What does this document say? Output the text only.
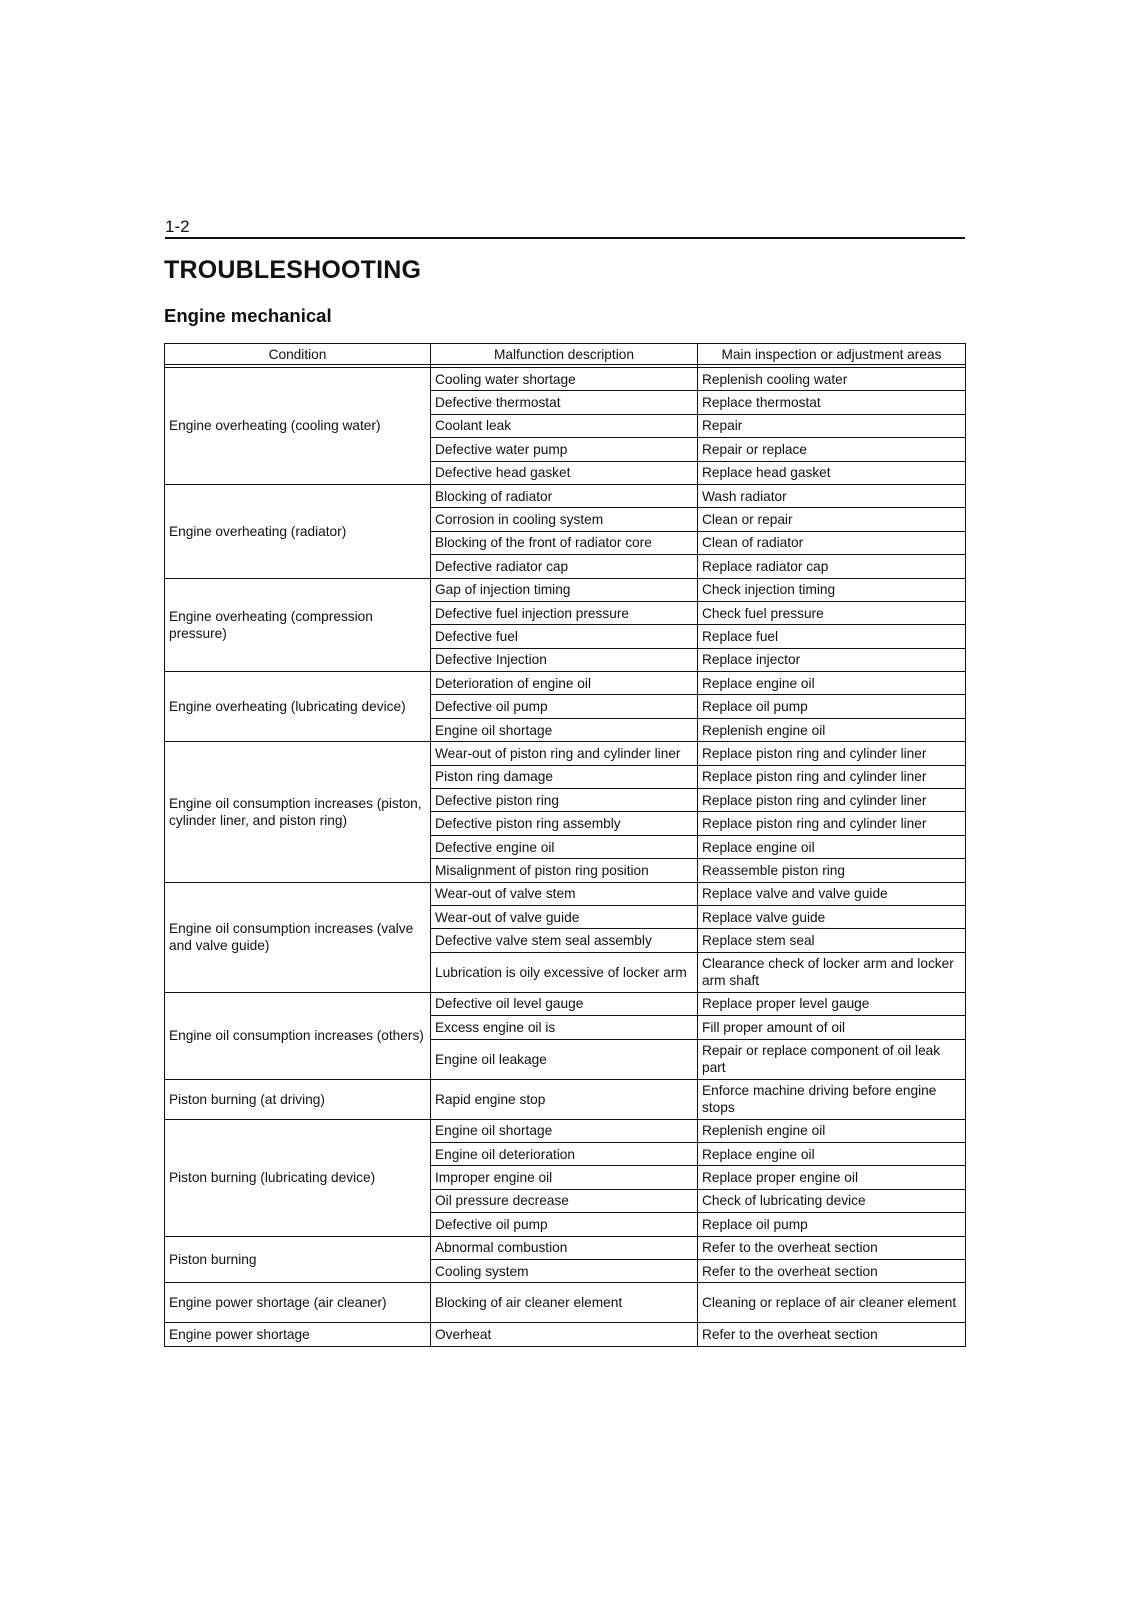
1-2
TROUBLESHOOTING
Engine mechanical
Condition	Malfunction description	Main inspection or adjustment areas

Engine overheating (cooling water)	Cooling water shortage	Replenish cooling water
	Defective thermostat	Replace thermostat
	Coolant leak	Repair
	Defective water pump	Repair or replace
	Defective head gasket	Replace head gasket
Engine overheating (radiator)	Blocking of radiator	Wash radiator
	Corrosion in cooling system	Clean or repair
	Blocking of the front of radiator core	Clean of radiator
	Defective radiator cap	Replace radiator cap
Engine overheating (compression pressure)	Gap of injection timing	Check injection timing
	Defective fuel injection pressure	Check fuel pressure
	Defective fuel	Replace fuel
	Defective Injection	Replace injector
Engine overheating (lubricating device)	Deterioration of engine oil	Replace engine oil
	Defective oil pump	Replace oil pump
	Engine oil shortage	Replenish engine oil
Engine oil consumption increases (piston, cylinder liner, and piston ring)	Wear-out of piston ring and cylinder liner	Replace piston ring and cylinder liner
	Piston ring damage	Replace piston ring and cylinder liner
	Defective piston ring	Replace piston ring and cylinder liner
	Defective piston ring assembly	Replace piston ring and cylinder liner
	Defective engine oil	Replace engine oil
	Misalignment of piston ring position	Reassemble piston ring
Engine oil consumption increases (valve and valve guide)	Wear-out of valve stem	Replace valve and valve guide
	Wear-out of valve guide	Replace valve guide
	Defective valve stem seal assembly	Replace stem seal
	Lubrication is oily excessive of locker arm	Clearance check of locker arm and locker arm shaft
Engine oil consumption increases (others)	Defective oil level gauge	Replace proper level gauge
	Excess engine oil is	Fill proper amount of oil
	Engine oil leakage	Repair or replace component of oil leak part
Piston burning (at driving)	Rapid engine stop	Enforce machine driving before engine stops
Piston burning (lubricating device)	Engine oil shortage	Replenish engine oil
	Engine oil deterioration	Replace engine oil
	Improper engine oil	Replace proper engine oil
	Oil pressure decrease	Check of lubricating device
	Defective oil pump	Replace oil pump
Piston burning	Abnormal combustion	Refer to the overheat section
	Cooling system	Refer to the overheat section
Engine power shortage (air cleaner)	Blocking of air cleaner element	Cleaning or replace of air cleaner element
Engine power shortage	Overheat	Refer to the overheat section
